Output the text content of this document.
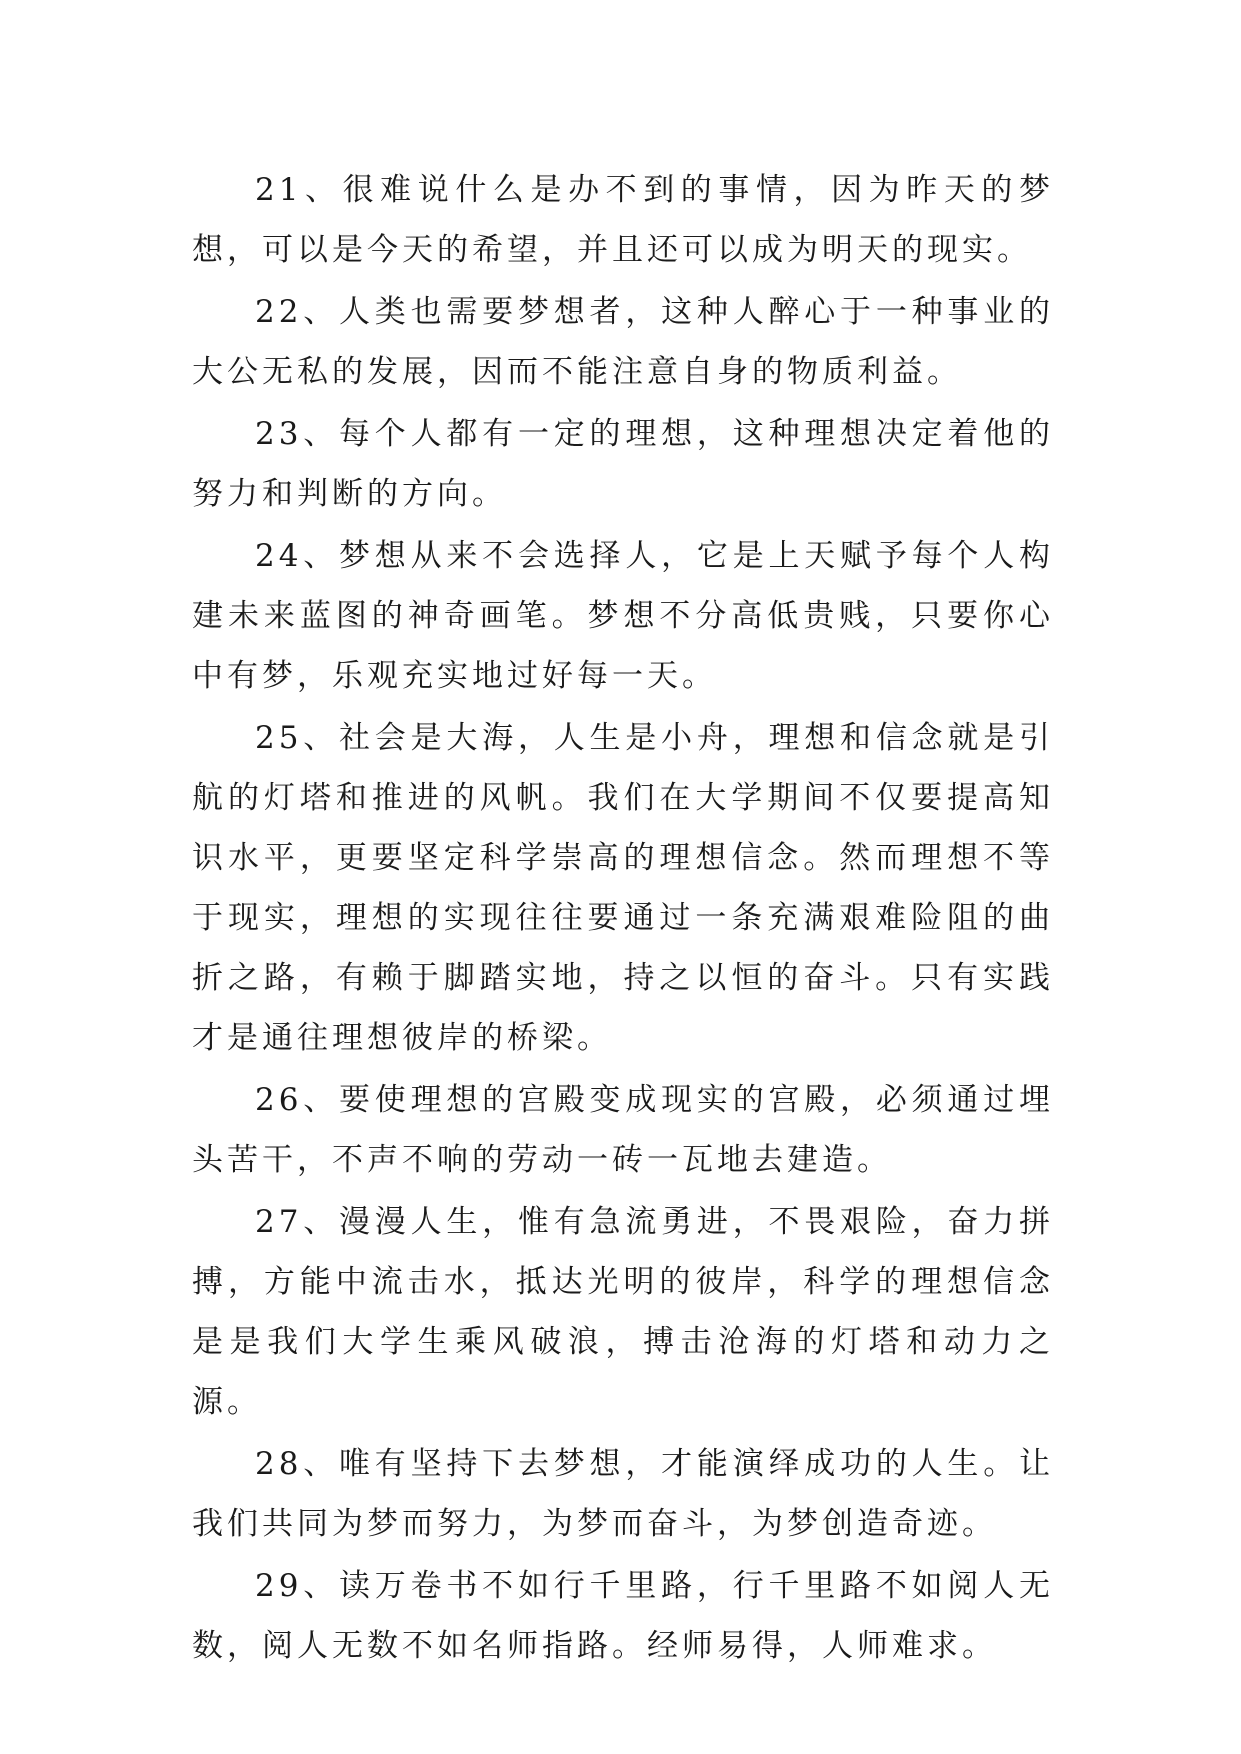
21、很难说什么是办不到的事情，因为昨天的梦想，可以是今天的希望，并且还可以成为明天的现实。

22、人类也需要梦想者，这种人醉心于一种事业的大公无私的发展，因而不能注意自身的物质利益。

23、每个人都有一定的理想，这种理想决定着他的努力和判断的方向。

24、梦想从来不会选择人，它是上天赋予每个人构建未来蓝图的神奇画笔。梦想不分高低贵贱，只要你心中有梦，乐观充实地过好每一天。

25、社会是大海，人生是小舟，理想和信念就是引航的灯塔和推进的风帆。我们在大学期间不仅要提高知识水平，更要坚定科学崇高的理想信念。然而理想不等于现实，理想的实现往往要通过一条充满艰难险阻的曲折之路，有赖于脚踏实地，持之以恒的奋斗。只有实践才是通往理想彼岸的桥梁。

26、要使理想的宫殿变成现实的宫殿，必须通过埋头苦干，不声不响的劳动一砖一瓦地去建造。

27、漫漫人生，惟有急流勇进，不畏艰险，奋力拼搏，方能中流击水，抵达光明的彼岸，科学的理想信念是是我们大学生乘风破浪，搏击沧海的灯塔和动力之源。

28、唯有坚持下去梦想，才能演绎成功的人生。让我们共同为梦而努力，为梦而奋斗，为梦创造奇迹。

29、读万卷书不如行千里路，行千里路不如阅人无数，阅人无数不如名师指路。经师易得，人师难求。
